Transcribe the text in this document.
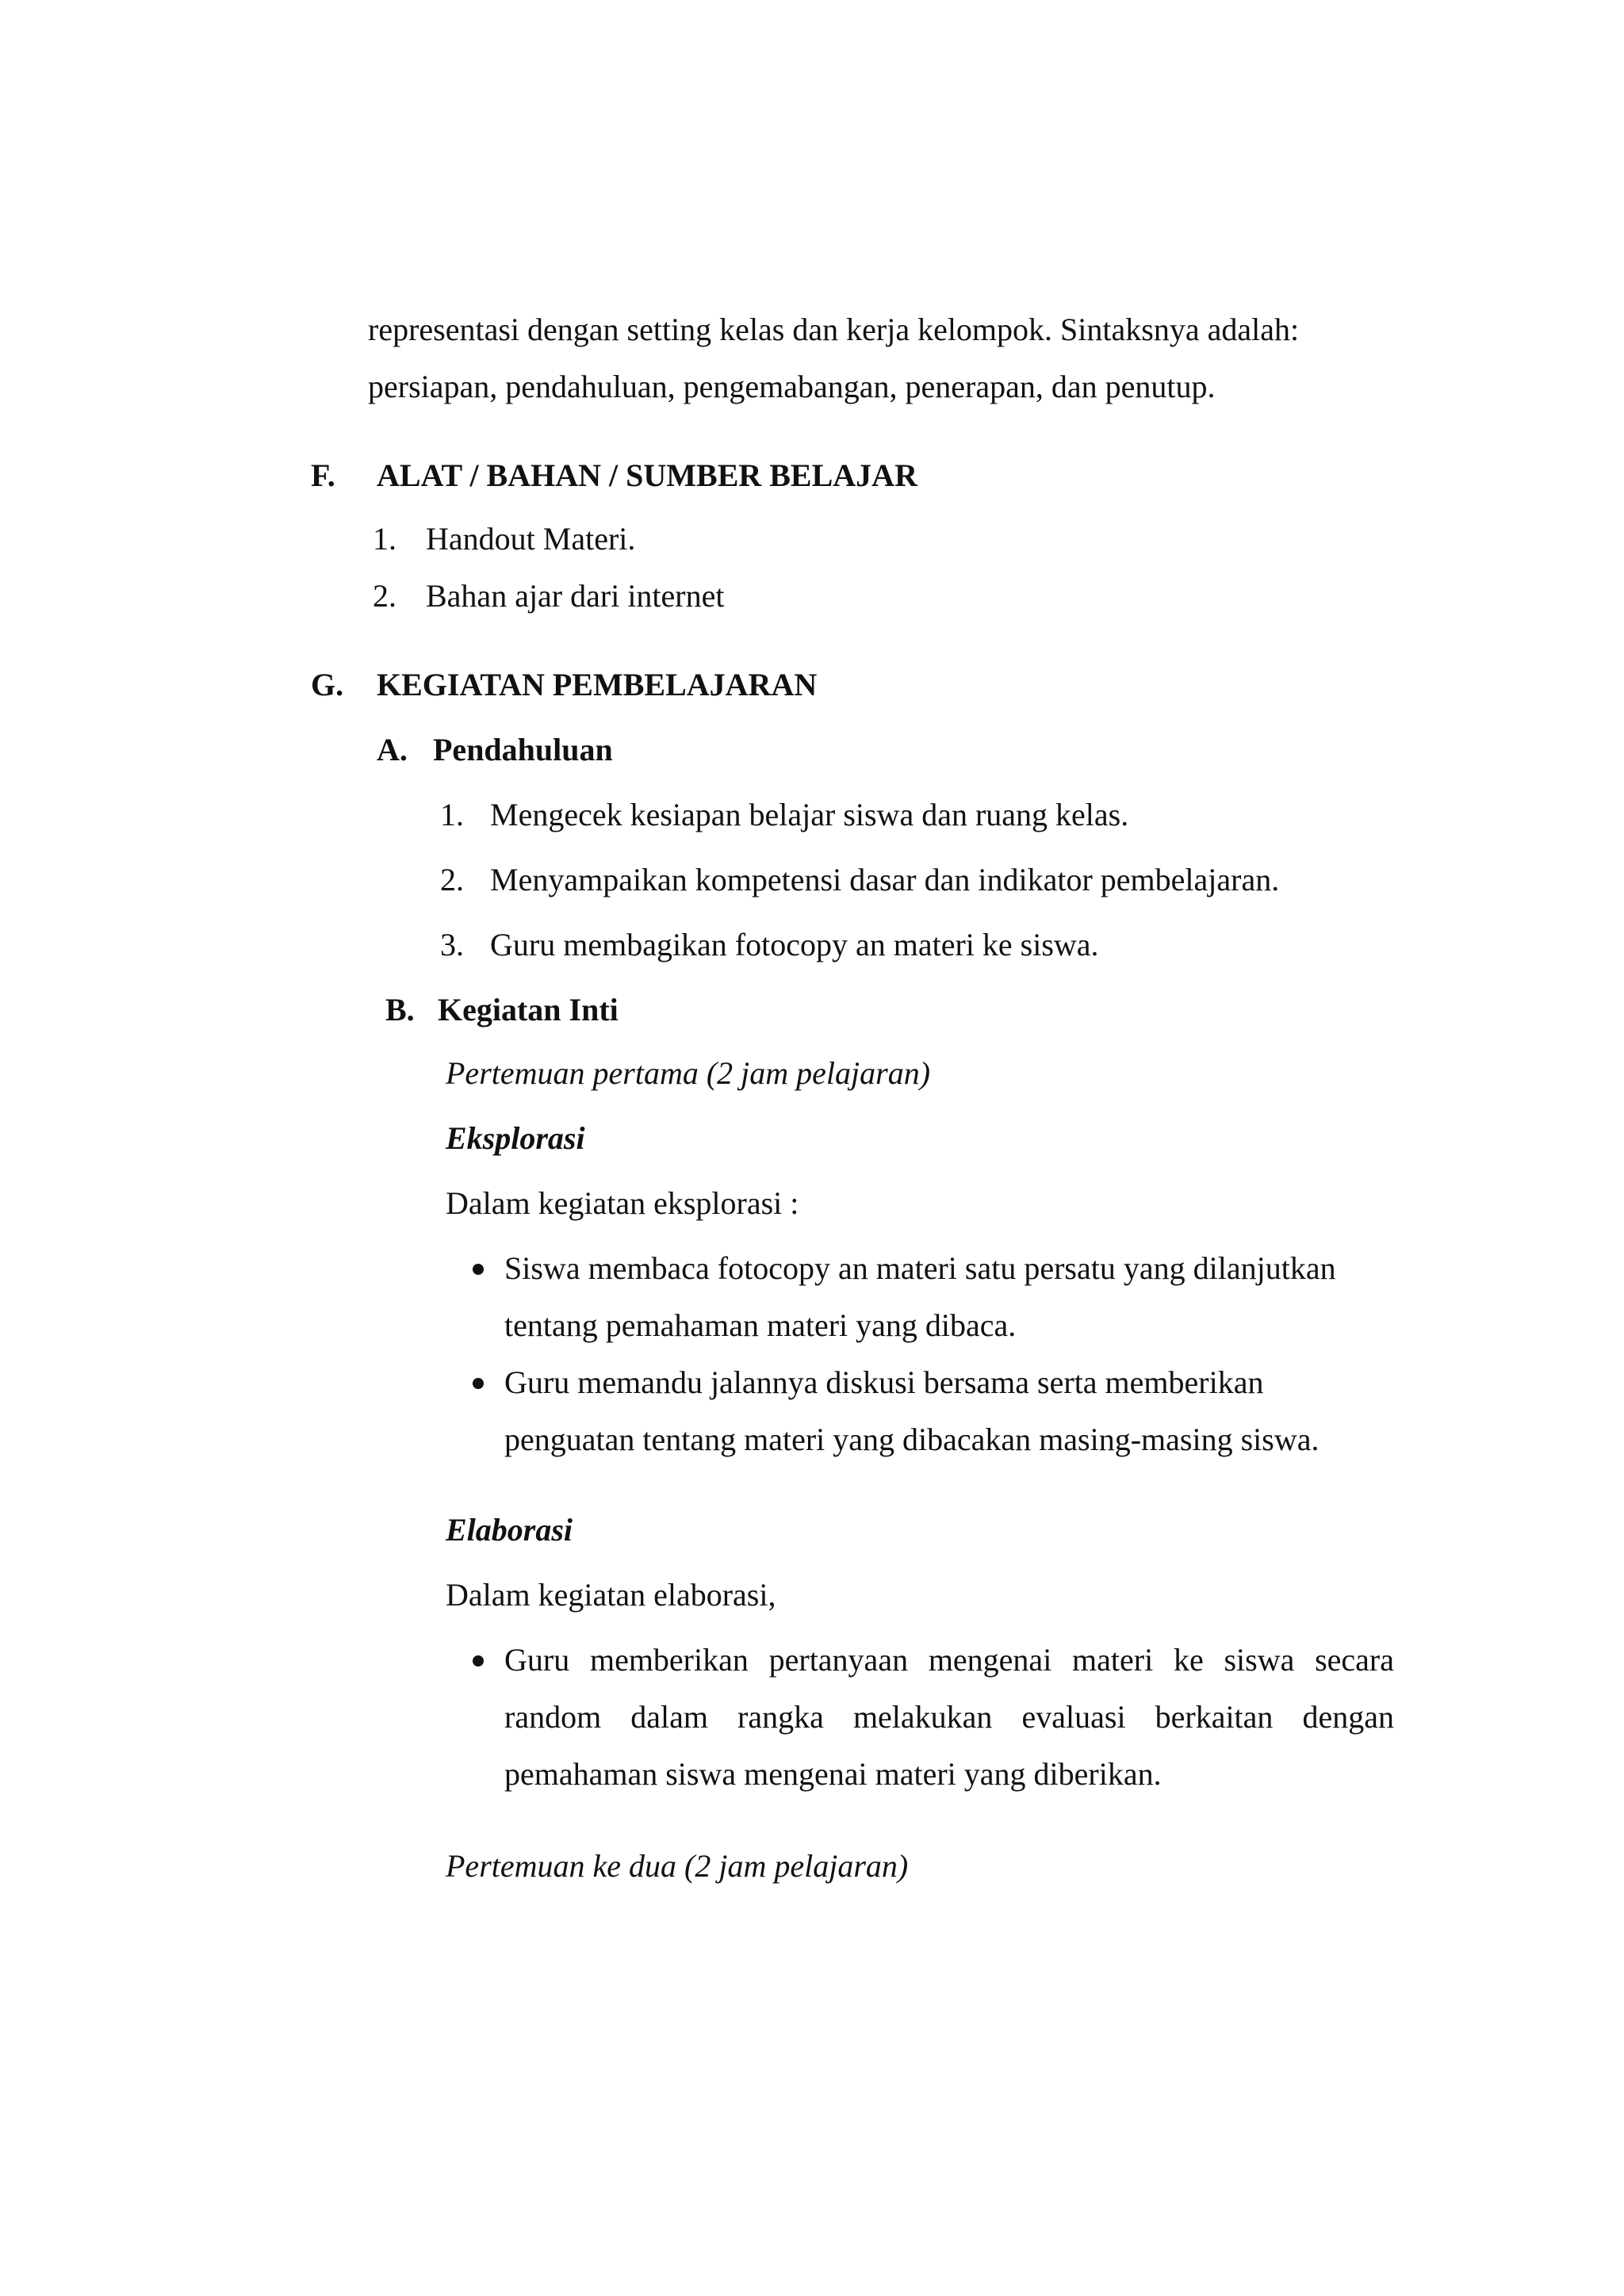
representasi dengan setting kelas dan kerja kelompok. Sintaksnya adalah:
persiapan, pendahuluan, pengemabangan, penerapan, dan penutup.
F. ALAT / BAHAN / SUMBER BELAJAR
1. Handout Materi.
2. Bahan ajar dari internet
G. KEGIATAN PEMBELAJARAN
A. Pendahuluan
1. Mengecek kesiapan belajar siswa dan ruang kelas.
2. Menyampaikan kompetensi dasar dan indikator pembelajaran.
3. Guru membagikan fotocopy an materi ke siswa.
B. Kegiatan Inti
Pertemuan pertama (2 jam pelajaran)
Eksplorasi
Dalam kegiatan eksplorasi :
Siswa membaca fotocopy an materi satu persatu yang dilanjutkan
tentang pemahaman materi yang dibaca.
Guru memandu jalannya diskusi bersama serta memberikan
penguatan tentang materi yang dibacakan masing-masing siswa.
Elaborasi
Dalam kegiatan elaborasi,
Guru memberikan pertanyaan mengenai materi ke siswa secara
random dalam rangka melakukan evaluasi berkaitan dengan
pemahaman siswa mengenai materi yang diberikan.
Pertemuan ke dua (2 jam pelajaran)
